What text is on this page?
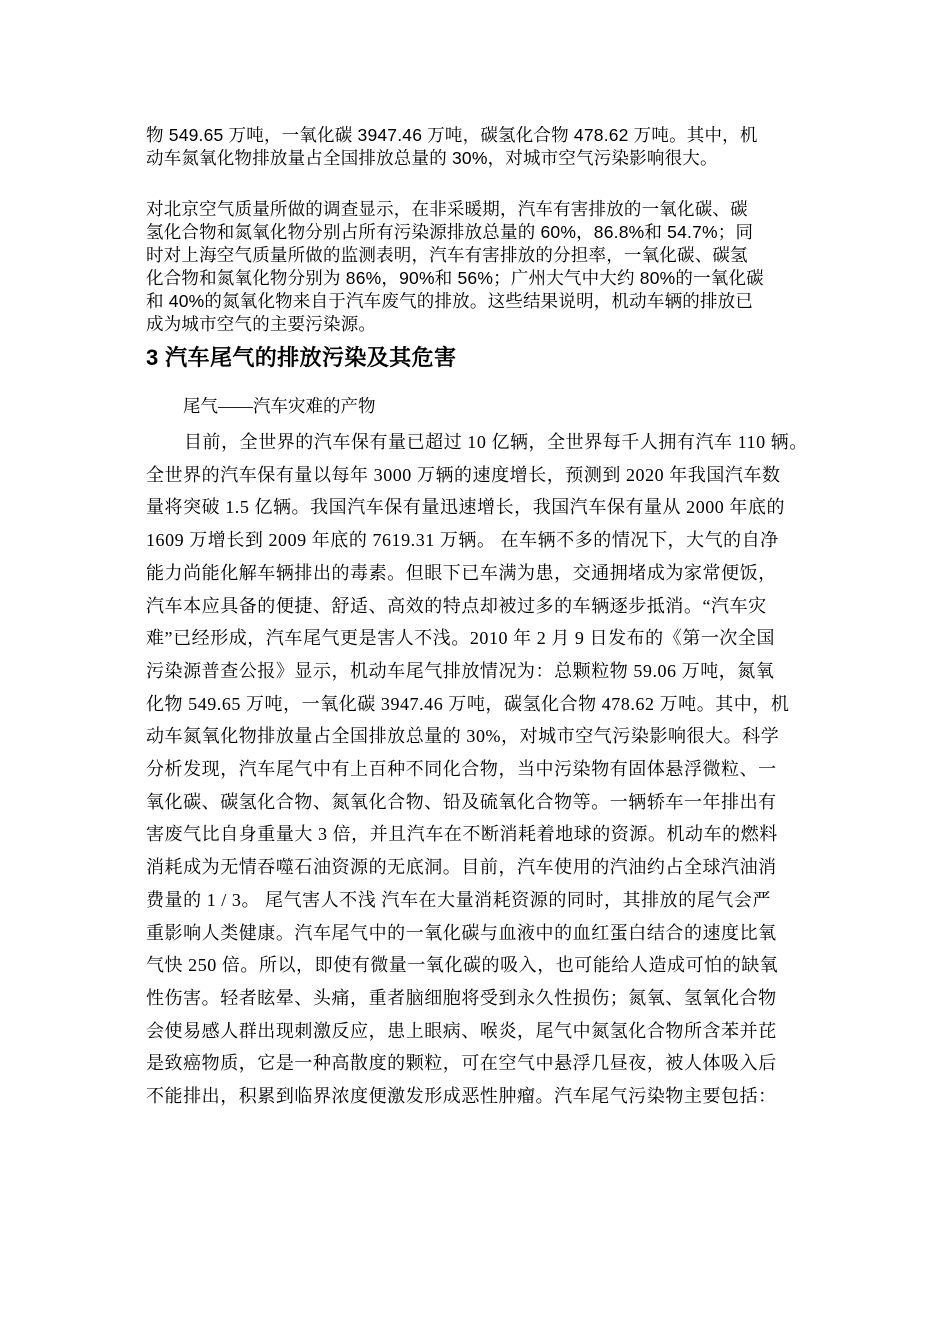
物 549.65 万吨，一氧化碳 3947.46 万吨，碳氢化合物 478.62 万吨。其中，机

动车氮氧化物排放量占全国排放总量的 30%，对城市空气污染影响很大。

对北京空气质量所做的调查显示，在非采暖期，汽车有害排放的一氧化碳、碳

氢化合物和氮氧化物分别占所有污染源排放总量的 60%，86.8%和 54.7%；同

时对上海空气质量所做的监测表明，汽车有害排放的分担率，一氧化碳、碳氢

化合物和氮氧化物分别为 86%，90%和 56%；广州大气中大约 80%的一氧化碳

和 40%的氮氧化物来自于汽车废气的排放。这些结果说明，机动车辆的排放已

成为城市空气的主要污染源。

3 汽车尾气的排放污染及其危害

尾气——汽车灾难的产物

目前，全世界的汽车保有量已超过 10 亿辆，全世界每千人拥有汽车 110 辆。

全世界的汽车保有量以每年 3000 万辆的速度增长，预测到 2020 年我国汽车数

量将突破 1.5 亿辆。我国汽车保有量迅速增长，我国汽车保有量从 2000 年底的

1609 万增长到 2009 年底的 7619.31 万辆。 在车辆不多的情况下，大气的自净

能力尚能化解车辆排出的毒素。但眼下已车满为患，交通拥堵成为家常便饭，

汽车本应具备的便捷、舒适、高效的特点却被过多的车辆逐步抵消。“汽车灾

难”已经形成，汽车尾气更是害人不浅。2010 年 2 月 9 日发布的《第一次全国

污染源普查公报》显示，机动车尾气排放情况为：总颗粒物 59.06 万吨，氮氧

化物 549.65 万吨，一氧化碳 3947.46 万吨，碳氢化合物 478.62 万吨。其中，机

动车氮氧化物排放量占全国排放总量的 30%，对城市空气污染影响很大。科学

分析发现，汽车尾气中有上百种不同化合物，当中污染物有固体悬浮微粒、一

氧化碳、碳氢化合物、氮氧化合物、铅及硫氧化合物等。一辆轿车一年排出有

害废气比自身重量大 3 倍，并且汽车在不断消耗着地球的资源。机动车的燃料

消耗成为无情吞噬石油资源的无底洞。目前，汽车使用的汽油约占全球汽油消

费量的 1 / 3。 尾气害人不浅 汽车在大量消耗资源的同时，其排放的尾气会严

重影响人类健康。汽车尾气中的一氧化碳与血液中的血红蛋白结合的速度比氧

气快 250 倍。所以，即使有微量一氧化碳的吸入，也可能给人造成可怕的缺氧

性伤害。轻者眩晕、头痛，重者脑细胞将受到永久性损伤；氮氧、氢氧化合物

会使易感人群出现刺激反应，患上眼病、喉炎，尾气中氮氢化合物所含苯并芘

是致癌物质，它是一种高散度的颗粒，可在空气中悬浮几昼夜，被人体吸入后

不能排出，积累到临界浓度便激发形成恶性肿瘤。汽车尾气污染物主要包括：
